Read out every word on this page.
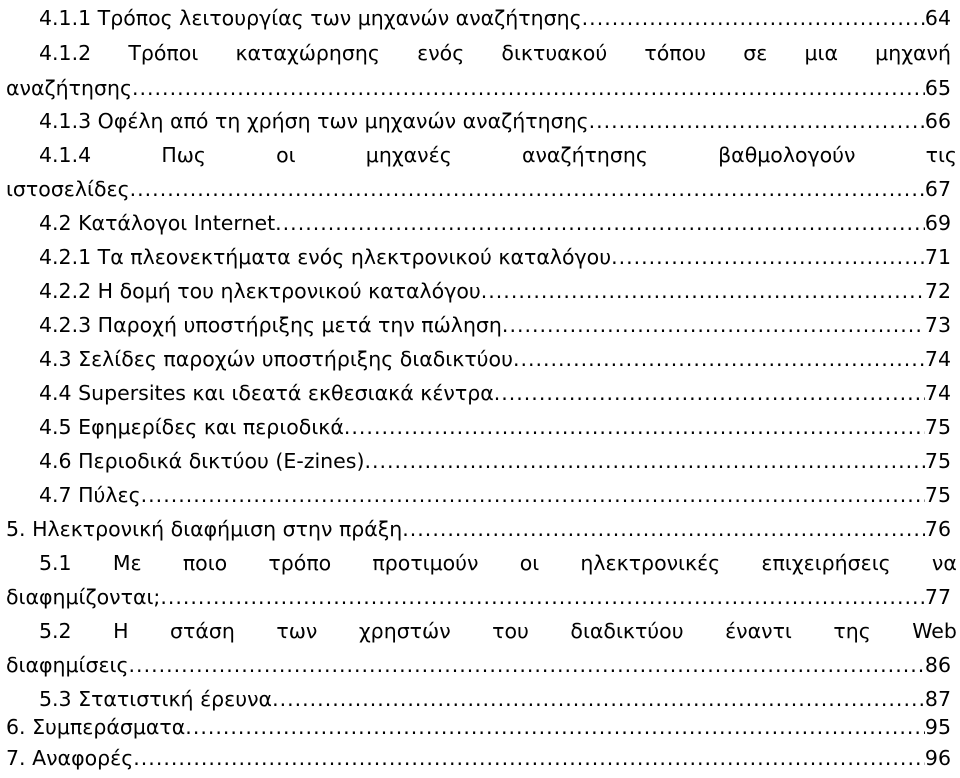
4.1.1 Τρόπος λειτουργίας των μηχανών αναζήτησης .....	64
4.1.2 Τρόποι καταχώρησης ενός δικτυακού τόπου σε μια μηχανή
αναζήτησης .....	65
4.1.3 Οφέλη από τη χρήση των μηχανών αναζήτησης .....	66
4.1.4	Πως	οι	μηχανές	αναζήτησης	βαθμολογούν	τις
ιστοσελίδες .....	67
4.2 Κατάλογοι Internet .....	69
4.2.1 Τα πλεονεκτήματα ενός ηλεκτρονικού καταλόγου .....	71
4.2.2 Η δομή του ηλεκτρονικού καταλόγου .....	72
4.2.3 Παροχή υποστήριξης μετά την πώληση .....	73
4.3 Σελίδες παροχών υποστήριξης διαδικτύου .....	74
4.4 Supersites και ιδεατά εκθεσιακά κέντρα .....	74
4.5 Εφημερίδες και περιοδικά .....	75
4.6 Περιοδικά δικτύου (E-zines) .....	75
4.7 Πύλες .....	75
5. Ηλεκτρονική διαφήμιση στην πράξη .....	76
5.1 Με ποιο τρόπο προτιμούν οι ηλεκτρονικές επιχειρήσεις να
διαφημίζονται; .....	77
5.2 Η στάση των χρηστών του διαδικτύου έναντι της Web
διαφημίσεις .....	86
5.3 Στατιστική έρευνα .....	87
6. Συμπεράσματα .....	95
7. Αναφορές .....	96
